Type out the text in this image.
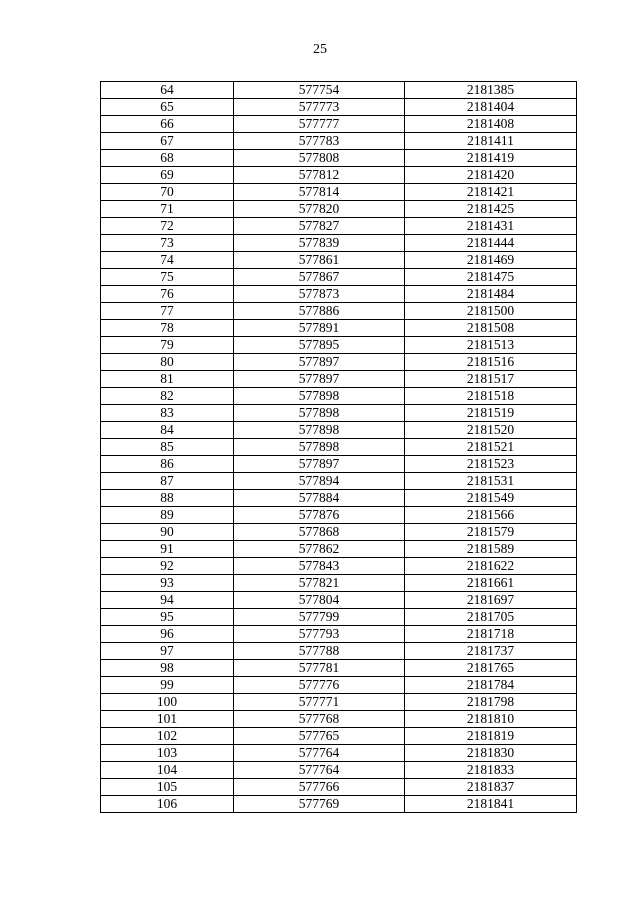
25
64	577754	2181385
65	577773	2181404
66	577777	2181408
67	577783	2181411
68	577808	2181419
69	577812	2181420
70	577814	2181421
71	577820	2181425
72	577827	2181431
73	577839	2181444
74	577861	2181469
75	577867	2181475
76	577873	2181484
77	577886	2181500
78	577891	2181508
79	577895	2181513
80	577897	2181516
81	577897	2181517
82	577898	2181518
83	577898	2181519
84	577898	2181520
85	577898	2181521
86	577897	2181523
87	577894	2181531
88	577884	2181549
89	577876	2181566
90	577868	2181579
91	577862	2181589
92	577843	2181622
93	577821	2181661
94	577804	2181697
95	577799	2181705
96	577793	2181718
97	577788	2181737
98	577781	2181765
99	577776	2181784
100	577771	2181798
101	577768	2181810
102	577765	2181819
103	577764	2181830
104	577764	2181833
105	577766	2181837
106	577769	2181841
